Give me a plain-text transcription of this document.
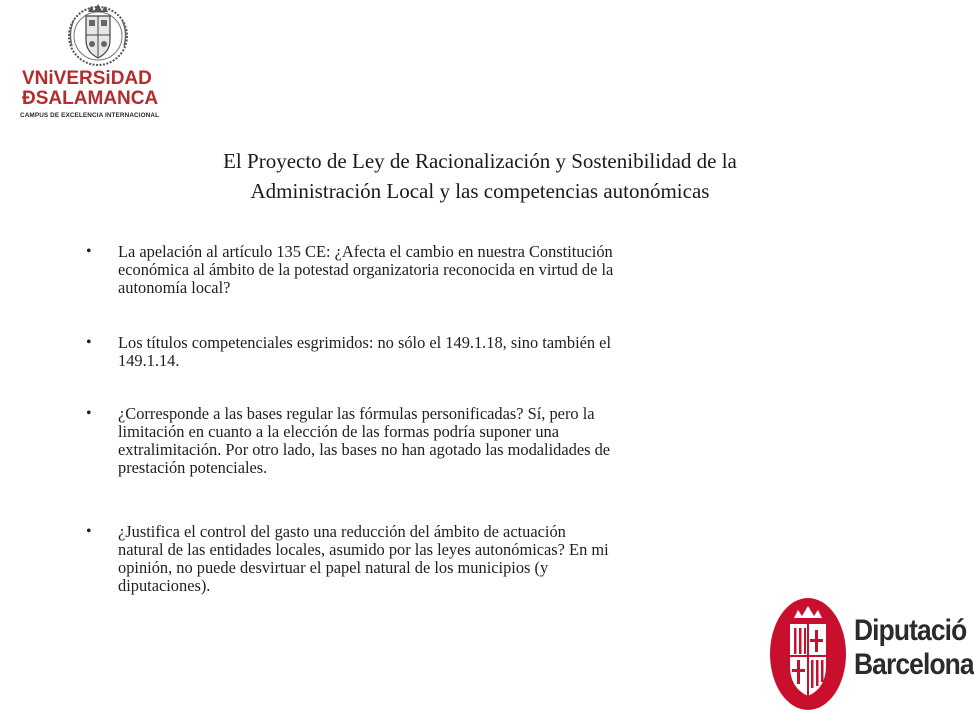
VNiVERSiDAD
ÐSALAMANCA
CAMPUS DE EXCELENCIA INTERNACIONAL
El Proyecto de Ley de Racionalización y Sostenibilidad de la
Administración Local y las competencias autonómicas
•	La apelación al artículo 135 CE: ¿Afecta el cambio en nuestra Constitución
económica al ámbito de la potestad organizatoria reconocida en virtud de la
autonomía local?
•	Los títulos competenciales esgrimidos: no sólo el 149.1.18, sino también el
149.1.14.
•	¿Corresponde a las bases regular las fórmulas personificadas? Sí, pero la
limitación en cuanto a la elección de las formas podría suponer una
extralimitación. Por otro lado, las bases no han agotado las modalidades de
prestación potenciales.
•	¿Justifica el control del gasto una reducción del ámbito de actuación
natural de las entidades locales, asumido por las leyes autonómicas? En mi
opinión, no puede desvirtuar el papel natural de los municipios (y
diputaciones).
Diputació
Barcelona
